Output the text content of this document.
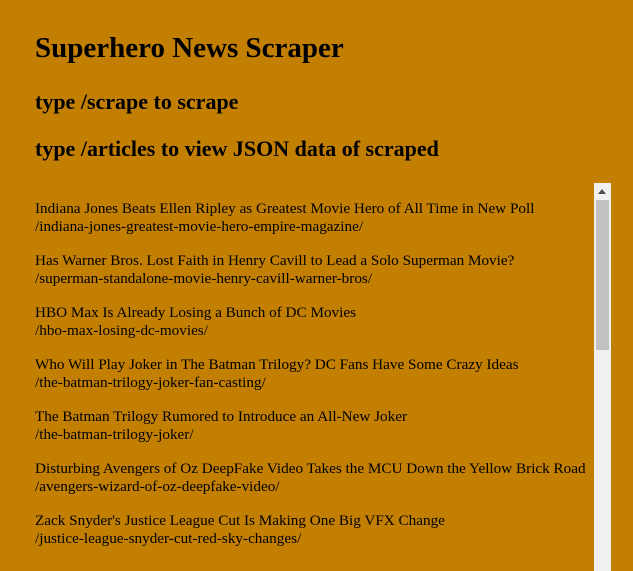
Superhero News Scraper
type /scrape to scrape
type /articles to view JSON data of scraped
Indiana Jones Beats Ellen Ripley as Greatest Movie Hero of All Time in New Poll
/indiana-jones-greatest-movie-hero-empire-magazine/
Has Warner Bros. Lost Faith in Henry Cavill to Lead a Solo Superman Movie?
/superman-standalone-movie-henry-cavill-warner-bros/
HBO Max Is Already Losing a Bunch of DC Movies
/hbo-max-losing-dc-movies/
Who Will Play Joker in The Batman Trilogy? DC Fans Have Some Crazy Ideas
/the-batman-trilogy-joker-fan-casting/
The Batman Trilogy Rumored to Introduce an All-New Joker
/the-batman-trilogy-joker/
Disturbing Avengers of Oz DeepFake Video Takes the MCU Down the Yellow Brick Road
/avengers-wizard-of-oz-deepfake-video/
Zack Snyder's Justice League Cut Is Making One Big VFX Change
/justice-league-snyder-cut-red-sky-changes/
